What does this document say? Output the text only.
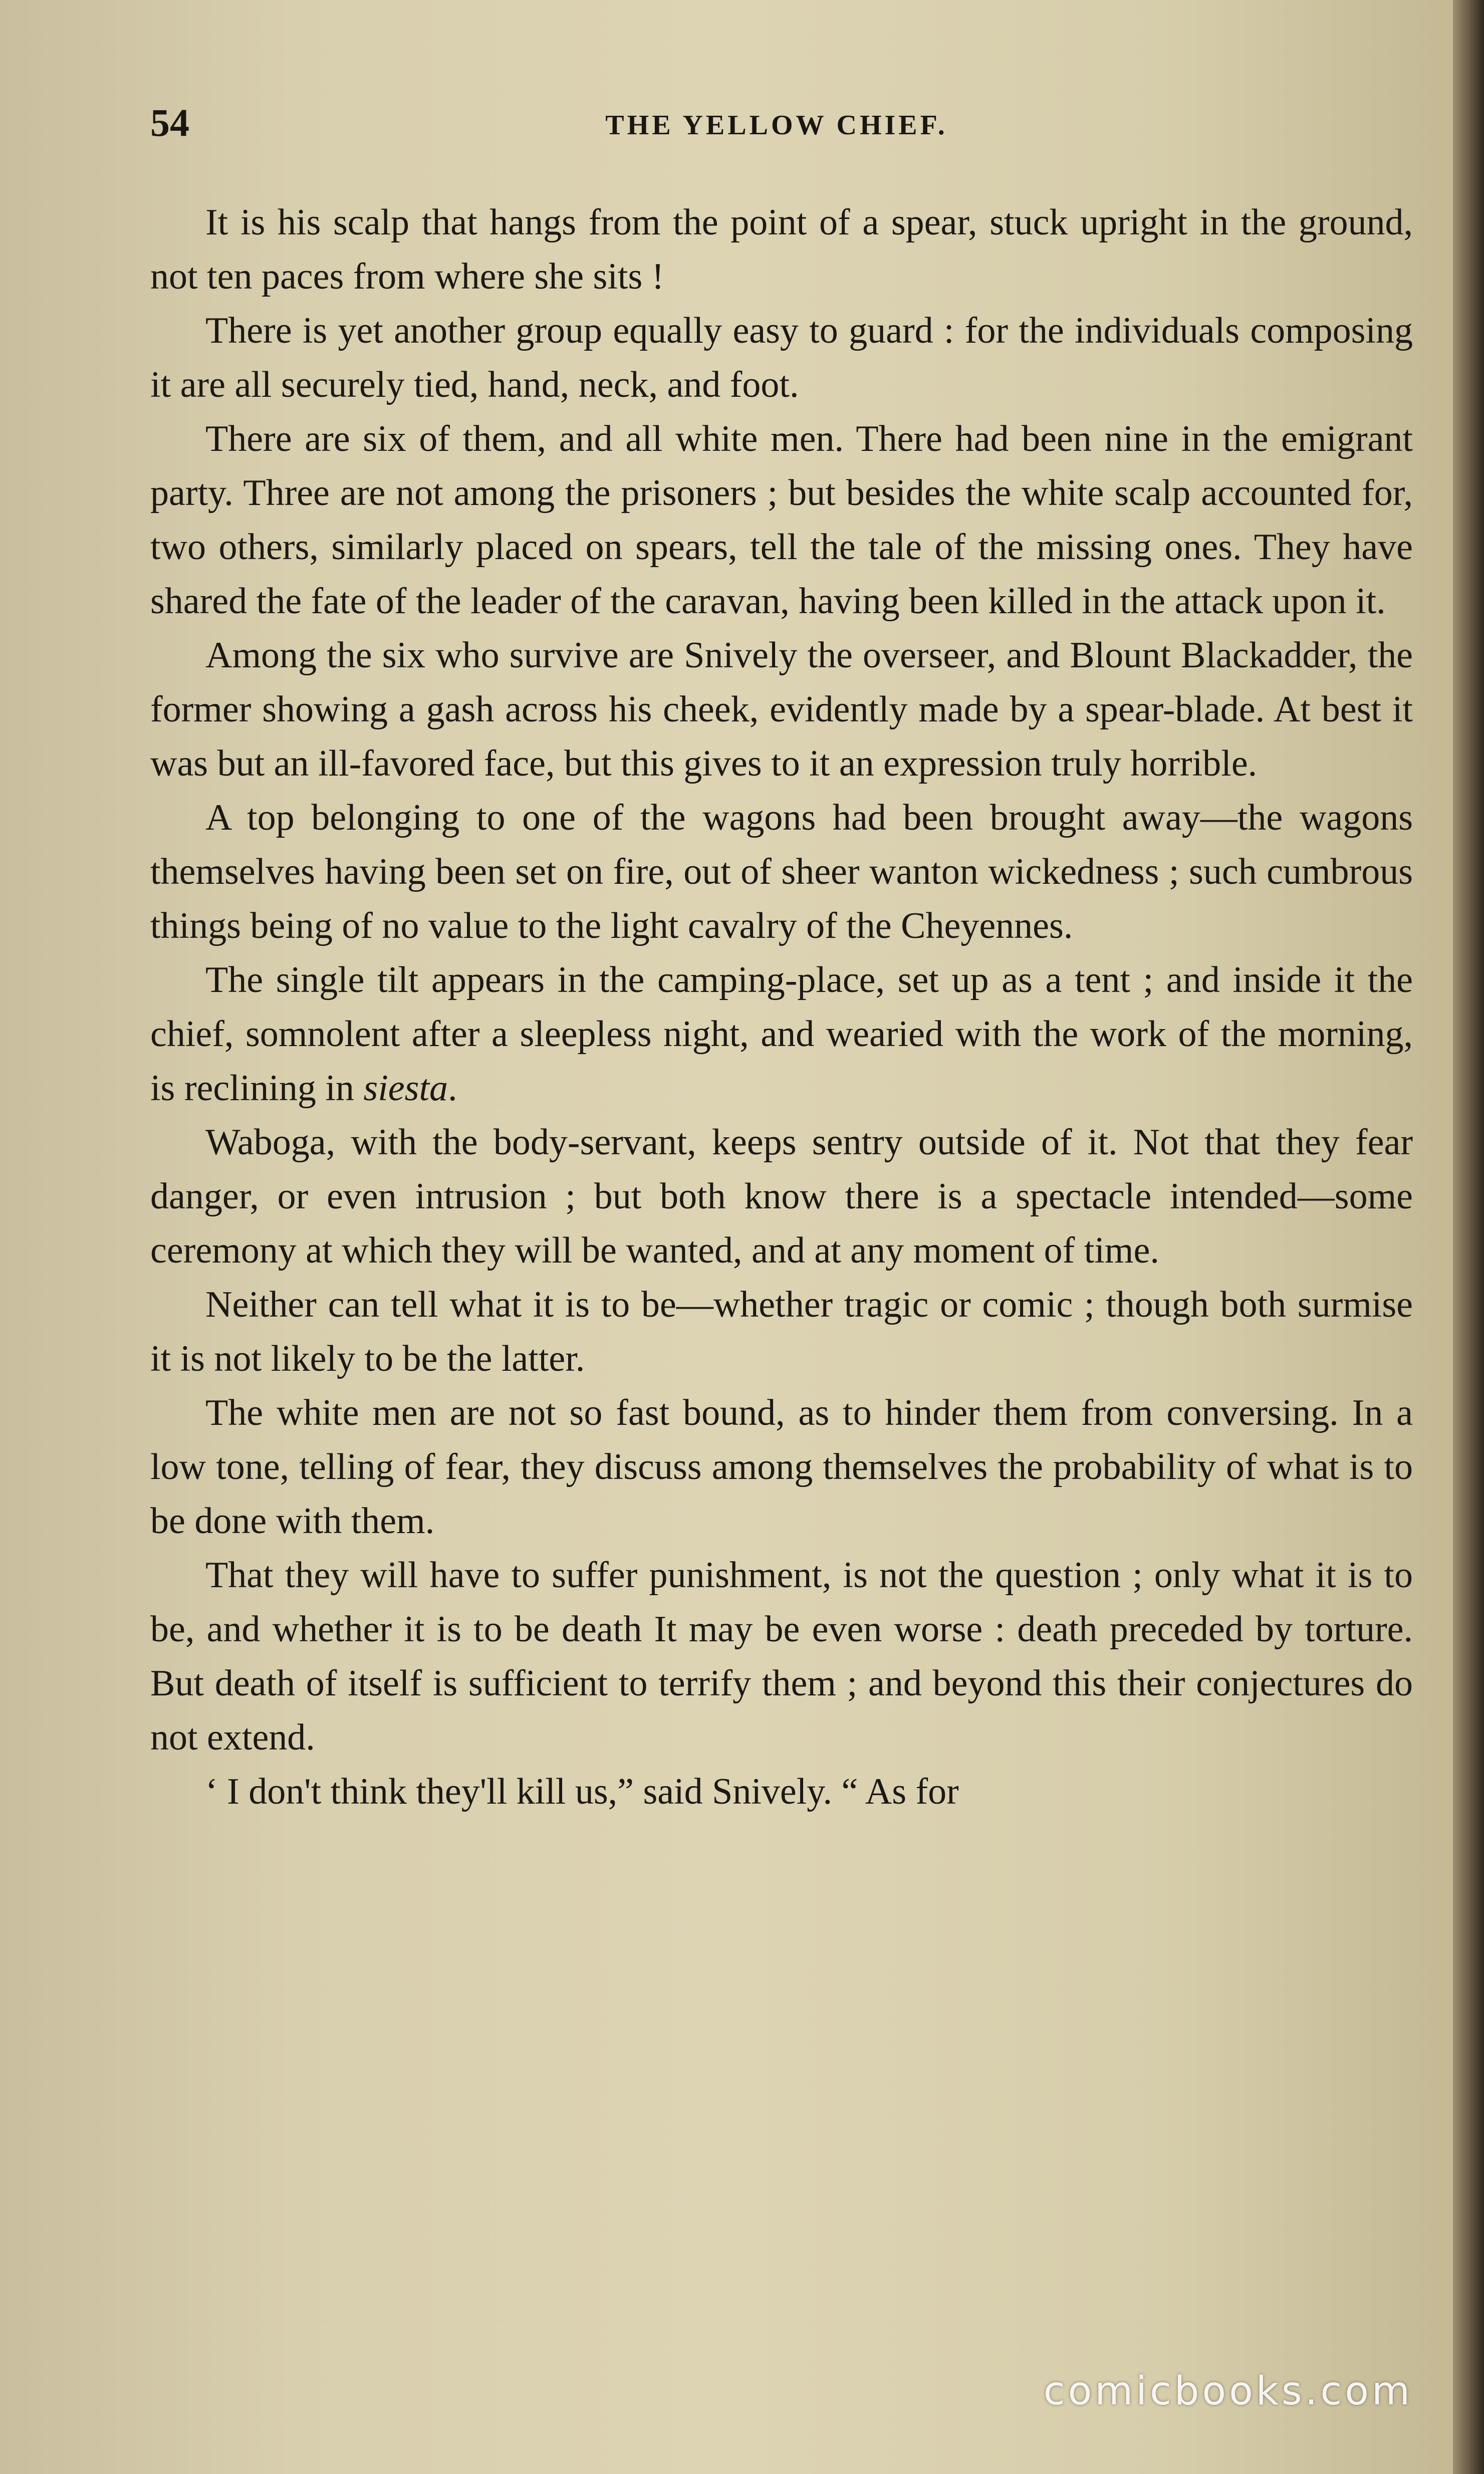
54	THE YELLOW CHIEF.

It is his scalp that hangs from the point of a spear, stuck upright in the ground, not ten paces from where she sits !

There is yet another group equally easy to guard : for the individuals composing it are all securely tied, hand, neck, and foot.

There are six of them, and all white men. There had been nine in the emigrant party. Three are not among the prisoners ; but besides the white scalp accounted for, two others, similarly placed on spears, tell the tale of the missing ones. They have shared the fate of the leader of the caravan, having been killed in the attack upon it.

Among the six who survive are Snively the overseer, and Blount Blackadder, the former showing a gash across his cheek, evidently made by a spear-blade. At best it was but an ill-favored face, but this gives to it an expression truly horrible.

A top belonging to one of the wagons had been brought away—the wagons themselves having been set on fire, out of sheer wanton wickedness ; such cumbrous things being of no value to the light cavalry of the Cheyennes.

The single tilt appears in the camping-place, set up as a tent ; and inside it the chief, somnolent after a sleepless night, and wearied with the work of the morning, is reclining in siesta.

Waboga, with the body-servant, keeps sentry outside of it. Not that they fear danger, or even intrusion ; but both know there is a spectacle intended—some ceremony at which they will be wanted, and at any moment of time.

Neither can tell what it is to be—whether tragic or comic ; though both surmise it is not likely to be the latter.

The white men are not so fast bound, as to hinder them from conversing. In a low tone, telling of fear, they discuss among themselves the probability of what is to be done with them.

That they will have to suffer punishment, is not the question ; only what it is to be, and whether it is to be death It may be even worse : death preceded by torture. But death of itself is sufficient to terrify them ; and beyond this their conjectures do not extend.

‘ I don't think they'll kill us,” said Snively. “ As for

comicbooks.com
